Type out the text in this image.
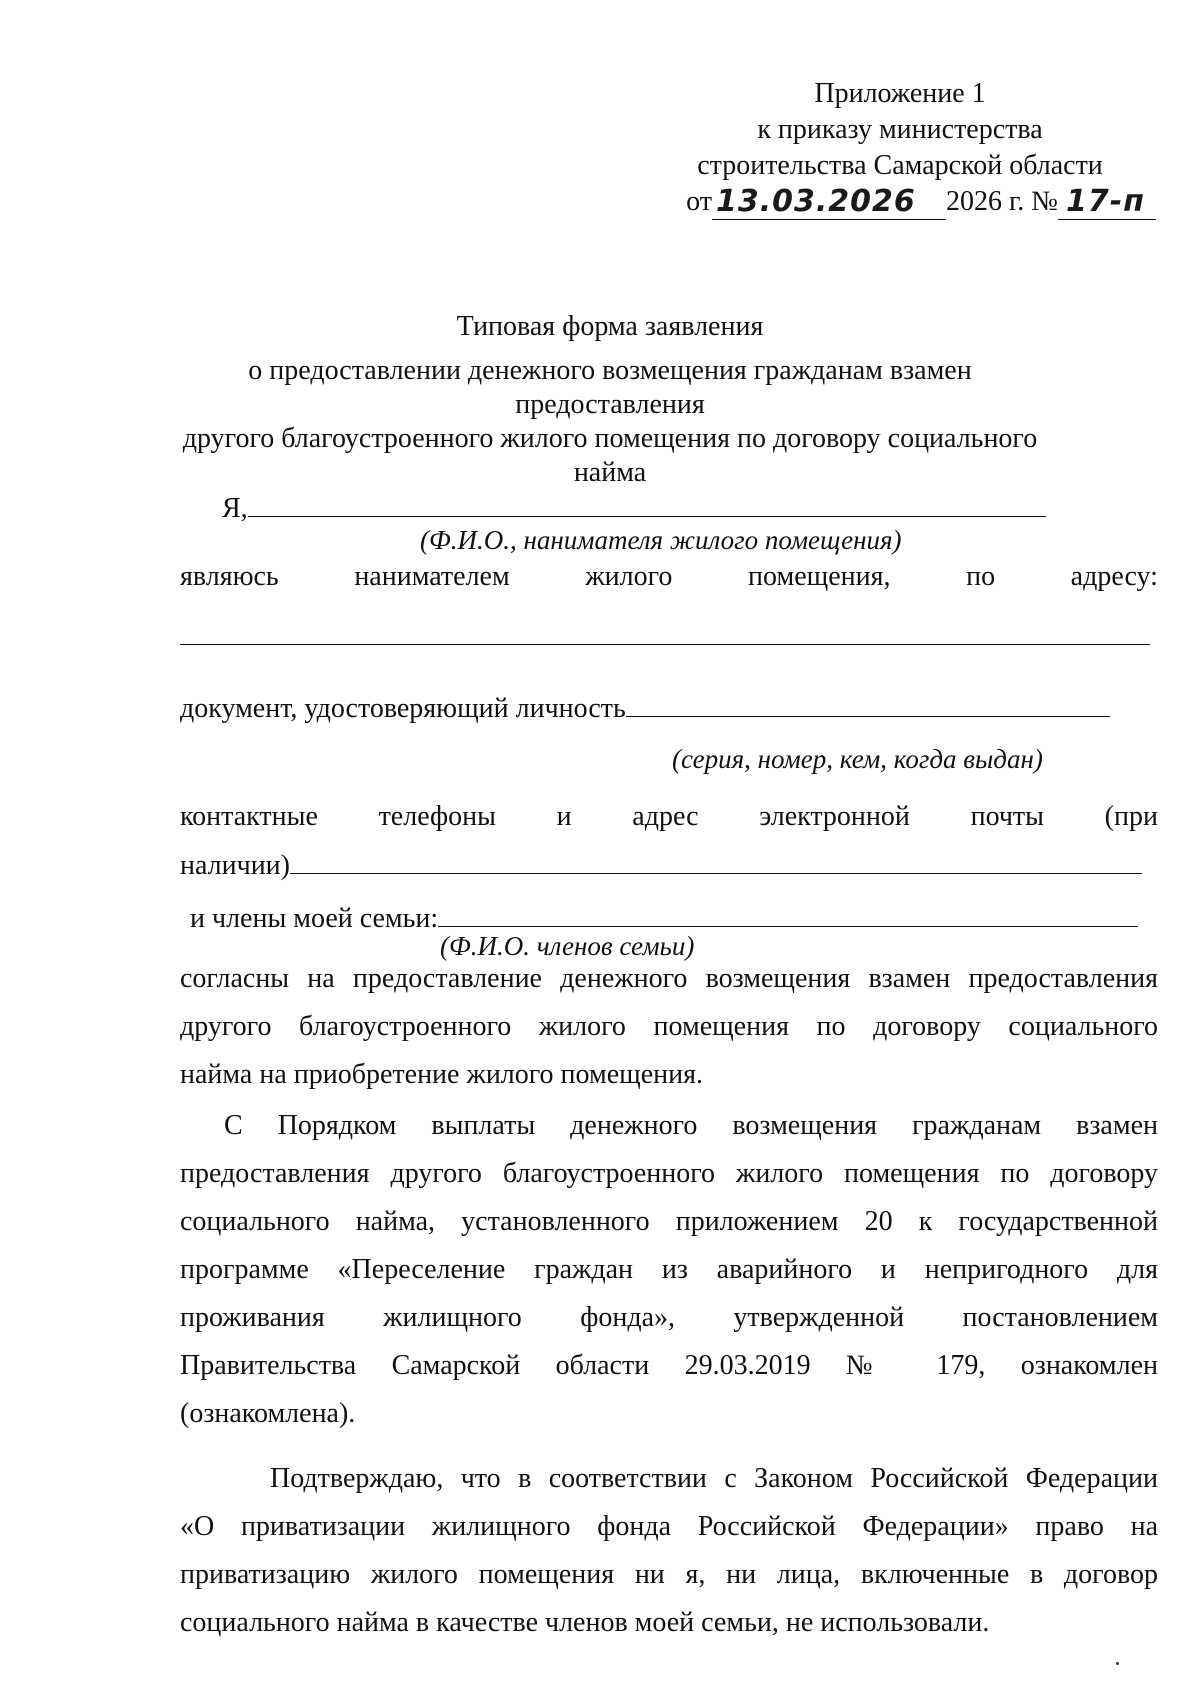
Приложение 1
к приказу министерства
строительства Самарской области
от 13.03.2026 2026 г. № 17-п
Типовая форма заявления
о предоставлении денежного возмещения гражданам взамен предоставления
другого благоустроенного жилого помещения по договору социального
найма
Я,
(Ф.И.О., нанимателя жилого помещения)
являюсь	нанимателем	жилого	помещения,	по	адресу:
документ, удостоверяющий личность
(серия, номер, кем, когда выдан)
контактные телефоны и адрес электронной почты (при
наличии)
и члены моей семьи:
(Ф.И.О. членов семьи)
согласны на предоставление денежного возмещения взамен предоставления
другого благоустроенного жилого помещения по договору социального
найма на приобретение жилого помещения.
С Порядком выплаты денежного возмещения гражданам взамен
предоставления другого благоустроенного жилого помещения по договору
социального найма, установленного приложением 20 к государственной
программе «Переселение граждан из аварийного и непригодного для
проживания жилищного фонда», утвержденной постановлением
Правительства Самарской области 29.03.2019 № 179, ознакомлен
(ознакомлена).
Подтверждаю, что в соответствии с Законом Российской Федерации
«О приватизации жилищного фонда Российской Федерации» право на
приватизацию жилого помещения ни я, ни лица, включенные в договор
социального найма в качестве членов моей семьи, не использовали.
